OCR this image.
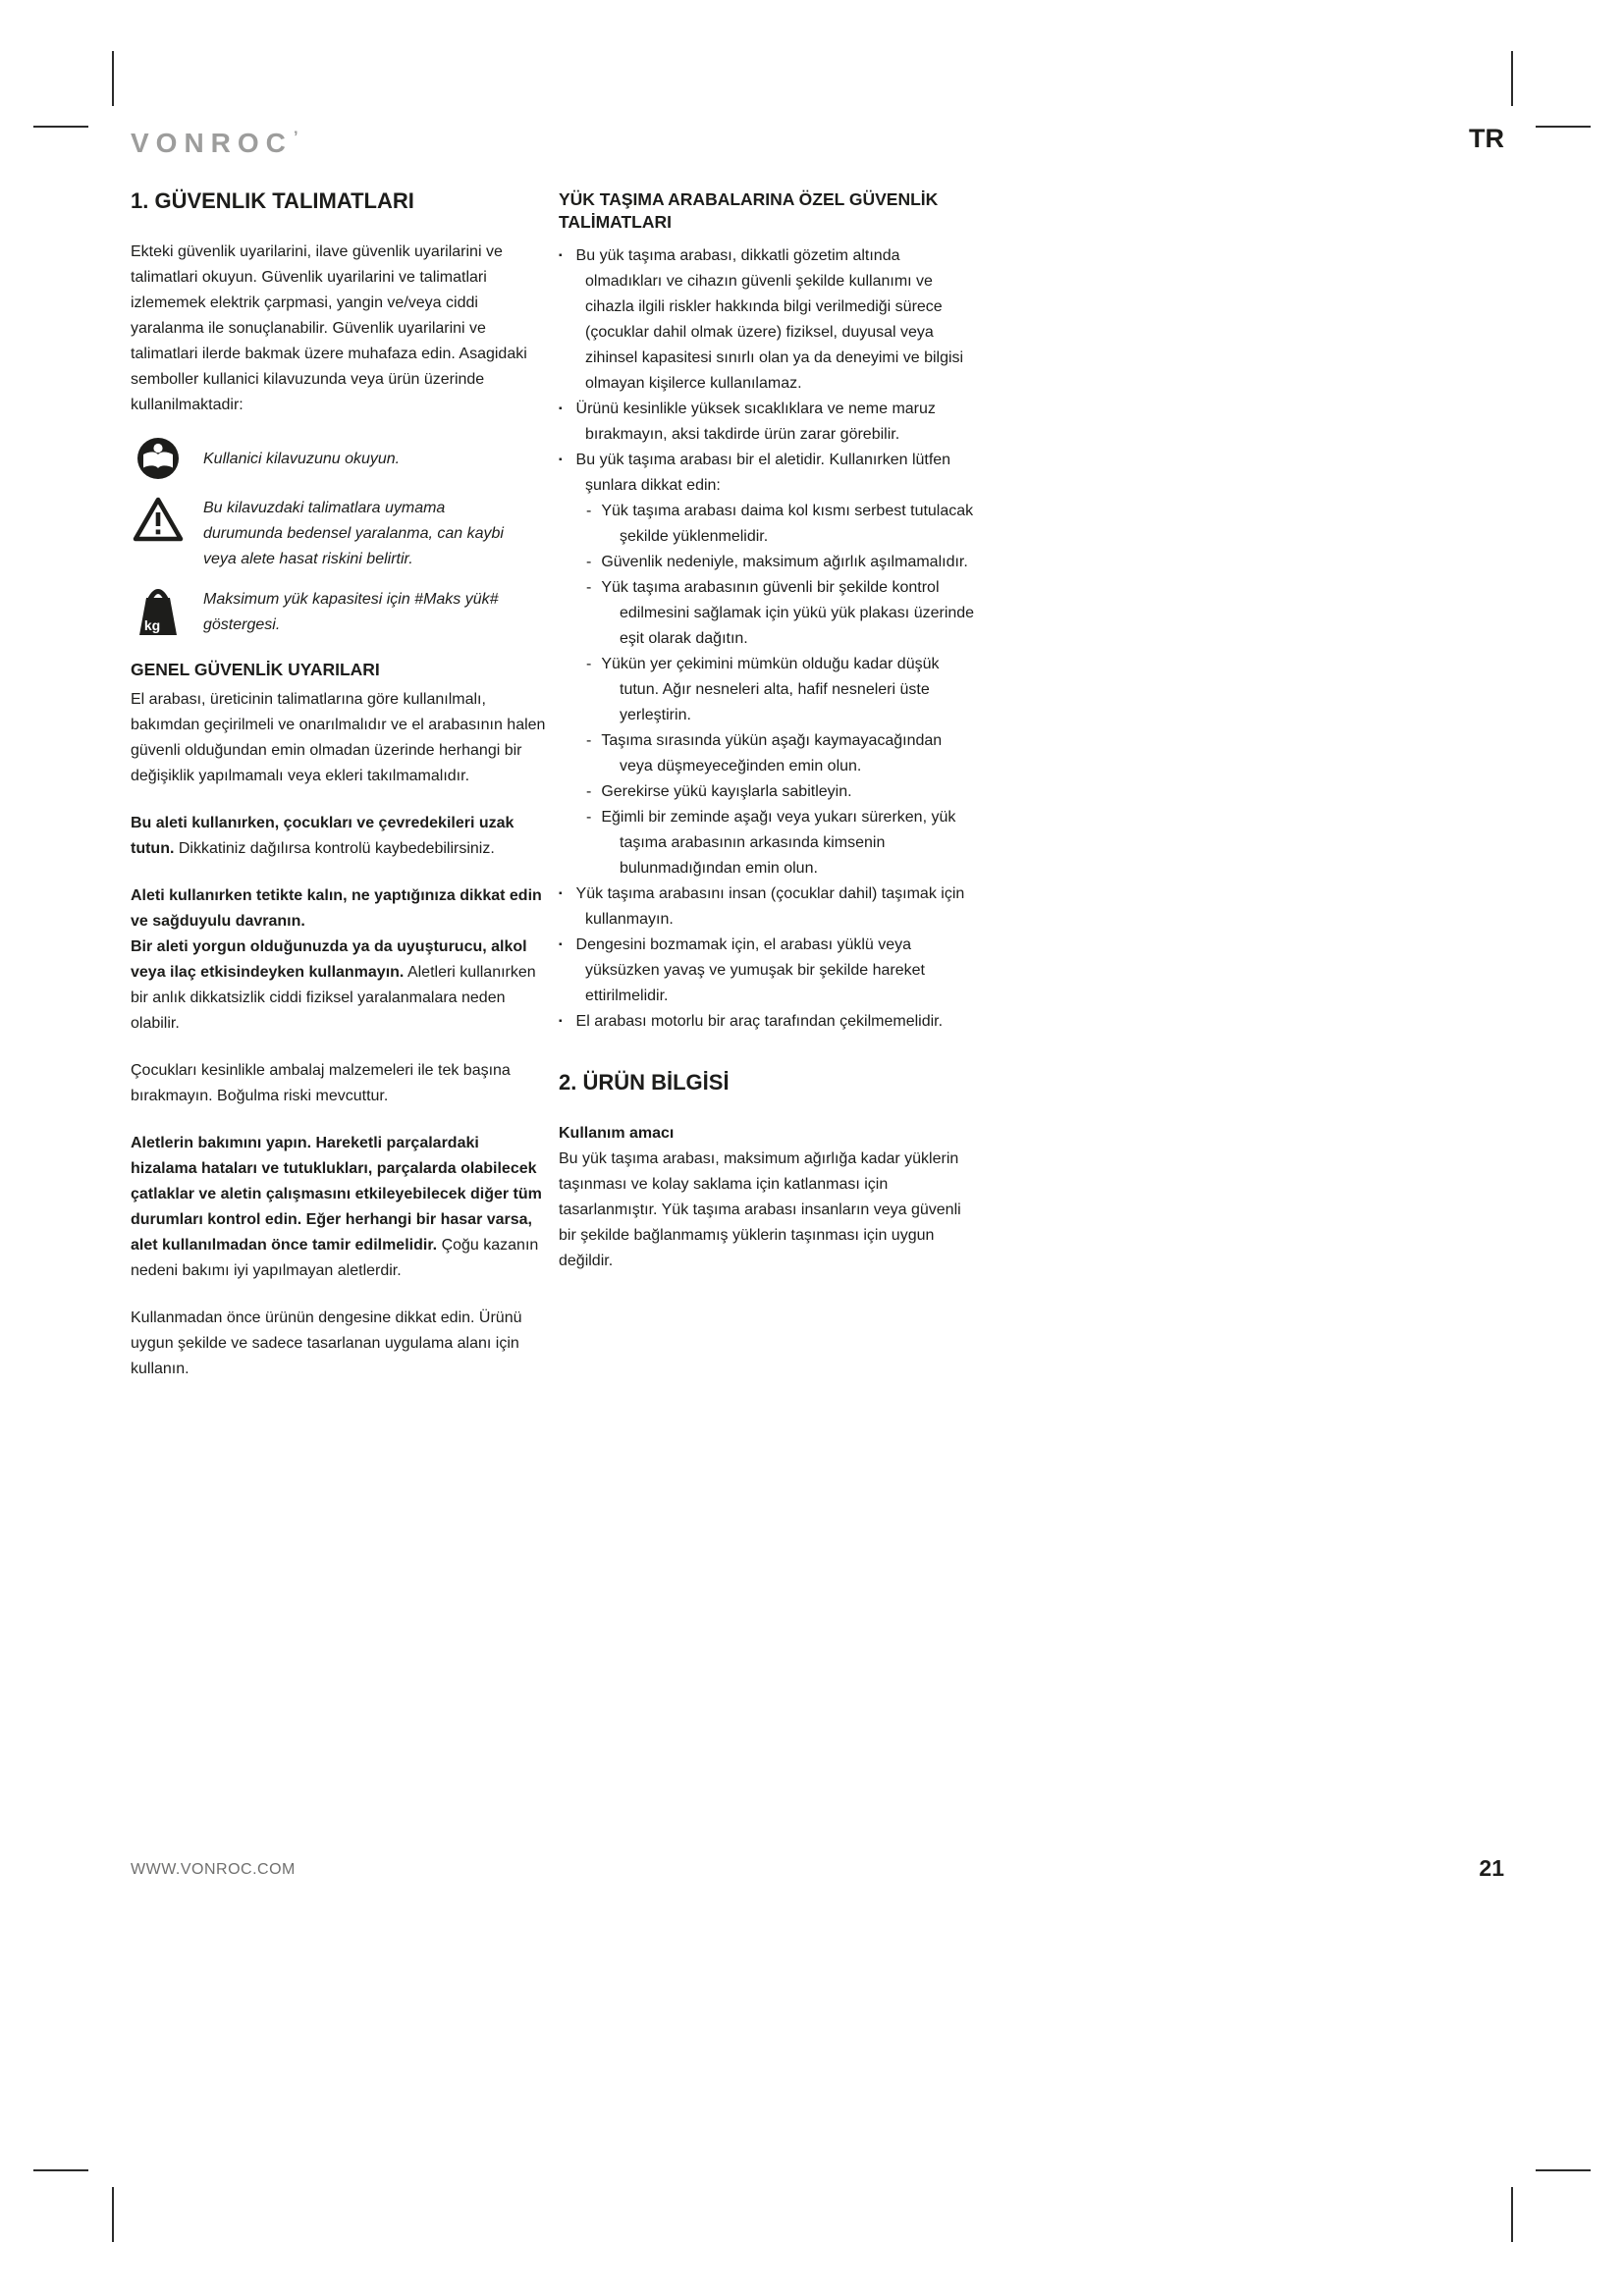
VONROC’	TR
1. GÜVENLIK TALIMATLARI

Ekteki güvenlik uyarilarini, ilave güvenlik uyarilarini ve talimatlari okuyun. Güvenlik uyarilarini ve talimatlari izlememek elektrik çarpmasi, yangin ve/veya ciddi yaralanma ile sonuçlanabilir. Güvenlik uyarilarini ve talimatlari ilerde bakmak üzere muhafaza edin. Asagidaki semboller kullanici kilavuzunda veya ürün üzerinde kullanilmaktadir:

Kullanici kilavuzunu okuyun.

Bu kilavuzdaki talimatlara uymama durumunda bedensel yaralanma, can kaybi veya alete hasat riskini belirtir.

kg

Maksimum yük kapasitesi için #Maks yük# göstergesi.

GENEL GÜVENLİK UYARILARI

El arabası, üreticinin talimatlarına göre kullanılmalı, bakımdan geçirilmeli ve onarılmalıdır ve el arabasının halen güvenli olduğundan emin olmadan üzerinde herhangi bir değişiklik yapılmamalı veya ekleri takılmamalıdır.

Bu aleti kullanırken, çocukları ve çevredekileri uzak tutun. Dikkatiniz dağılırsa kontrolü kaybedebilirsiniz.

Aleti kullanırken tetikte kalın, ne yaptığınıza dikkat edin ve sağduyulu davranın.
Bir aleti yorgun olduğunuzda ya da uyuşturucu, alkol veya ilaç etkisindeyken kullanmayın. Aletleri kullanırken bir anlık dikkatsizlik ciddi fiziksel yaralanmalara neden olabilir.

Çocukları kesinlikle ambalaj malzemeleri ile tek başına bırakmayın. Boğulma riski mevcuttur.

Aletlerin bakımını yapın. Hareketli parçalardaki hizalama hataları ve tutuklukları, parçalarda olabilecek çatlaklar ve aletin çalışmasını etkileyebilecek diğer tüm durumları kontrol edin. Eğer herhangi bir hasar varsa, alet kullanılmadan önce tamir edilmelidir. Çoğu kazanın nedeni bakımı iyi yapılmayan aletlerdir.

Kullanmadan önce ürünün dengesine dikkat edin. Ürünü uygun şekilde ve sadece tasarlanan uygulama alanı için kullanın.

YÜK TAŞIMA ARABALARINA ÖZEL GÜVENLİK TALİMATLARI
▪ Bu yük taşıma arabası, dikkatli gözetim altında olmadıkları ve cihazın güvenli şekilde kullanımı ve cihazla ilgili riskler hakkında bilgi verilmediği sürece (çocuklar dahil olmak üzere) fiziksel, duyusal veya zihinsel kapasitesi sınırlı olan ya da deneyimi ve bilgisi olmayan kişilerce kullanılamaz.
▪ Ürünü kesinlikle yüksek sıcaklıklara ve neme maruz bırakmayın, aksi takdirde ürün zarar görebilir.
▪ Bu yük taşıma arabası bir el aletidir. Kullanırken lütfen şunlara dikkat edin:
- Yük taşıma arabası daima kol kısmı serbest tutulacak şekilde yüklenmelidir.
- Güvenlik nedeniyle, maksimum ağırlık aşılmamalıdır.
- Yük taşıma arabasının güvenli bir şekilde kontrol edilmesini sağlamak için yükü yük plakası üzerinde eşit olarak dağıtın.
- Yükün yer çekimini mümkün olduğu kadar düşük tutun. Ağır nesneleri alta, hafif nesneleri üste yerleştirin.
- Taşıma sırasında yükün aşağı kaymayacağından veya düşmeyeceğinden emin olun.
- Gerekirse yükü kayışlarla sabitleyin.
- Eğimli bir zeminde aşağı veya yukarı sürerken, yük taşıma arabasının arkasında kimsenin bulunmadığından emin olun.
▪ Yük taşıma arabasını insan (çocuklar dahil) taşımak için kullanmayın.
▪ Dengesini bozmamak için, el arabası yüklü veya yüksüzken yavaş ve yumuşak bir şekilde hareket ettirilmelidir.
▪ El arabası motorlu bir araç tarafından çekilmemelidir.
2. ÜRÜN BİLGİSİ

Kullanım amacı

Bu yük taşıma arabası, maksimum ağırlığa kadar yüklerin taşınması ve kolay saklama için katlanması için tasarlanmıştır. Yük taşıma arabası insanların veya güvenli bir şekilde bağlanmamış yüklerin taşınması için uygun değildir.

WWW.VONROC.COM	21
